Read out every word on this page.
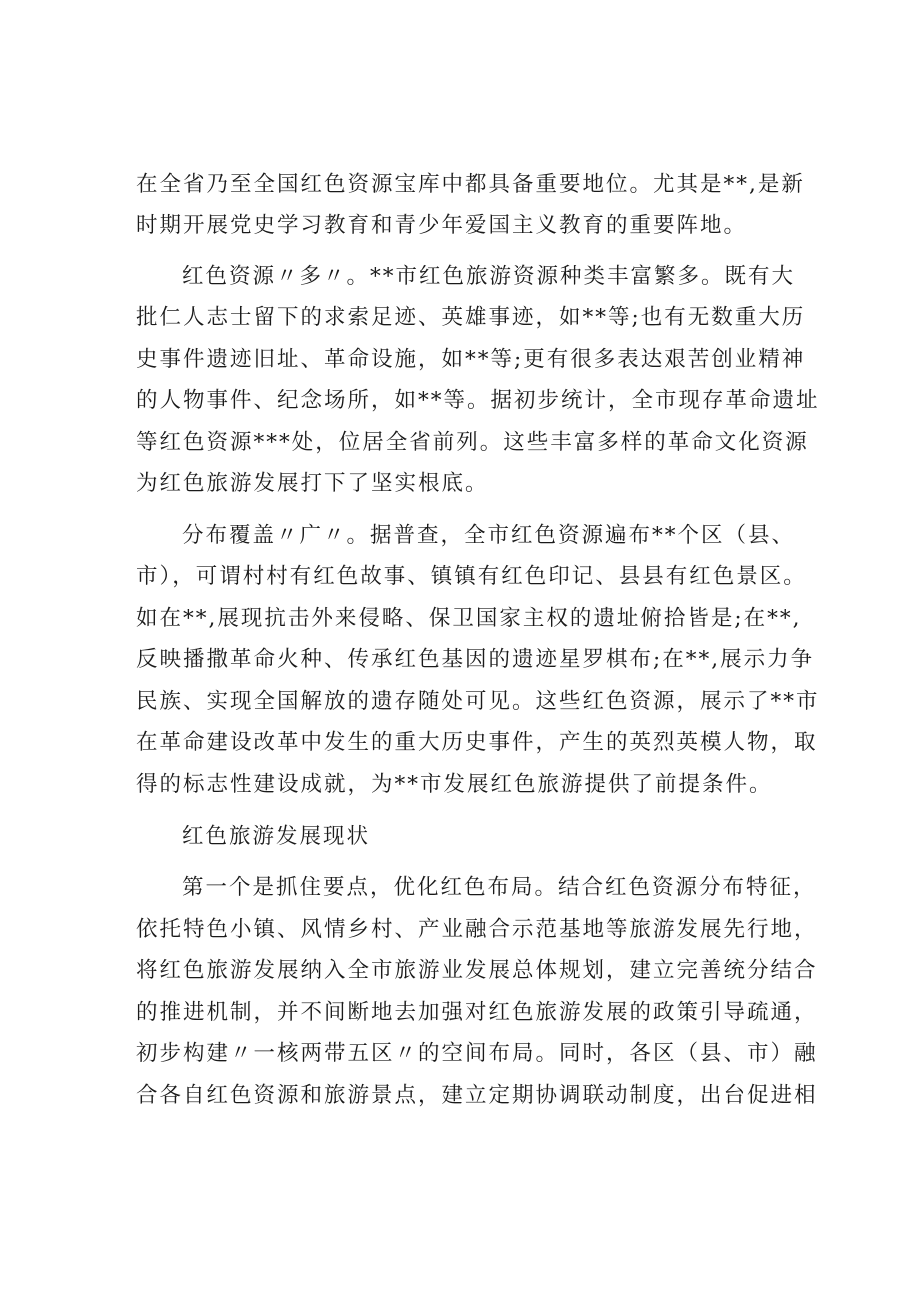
在全省乃至全国红色资源宝库中都具备重要地位。尤其是**,是新
时期开展党史学习教育和青少年爱国主义教育的重要阵地。
红色资源〃多〃。**市红色旅游资源种类丰富繁多。既有大
批仁人志士留下的求索足迹、英雄事迹，如**等;也有无数重大历
史事件遗迹旧址、革命设施，如**等;更有很多表达艰苦创业精神
的人物事件、纪念场所，如**等。据初步统计，全市现存革命遗址
等红色资源***处，位居全省前列。这些丰富多样的革命文化资源
为红色旅游发展打下了坚实根底。
分布覆盖〃广〃。据普查，全市红色资源遍布**个区（县、
市），可谓村村有红色故事、镇镇有红色印记、县县有红色景区。
如在**,展现抗击外来侵略、保卫国家主权的遗址俯拾皆是;在**,
反映播撒革命火种、传承红色基因的遗迹星罗棋布;在**,展示力争
民族、实现全国解放的遗存随处可见。这些红色资源，展示了**市
在革命建设改革中发生的重大历史事件，产生的英烈英模人物，取
得的标志性建设成就，为**市发展红色旅游提供了前提条件。
红色旅游发展现状
第一个是抓住要点，优化红色布局。结合红色资源分布特征，
依托特色小镇、风情乡村、产业融合示范基地等旅游发展先行地，
将红色旅游发展纳入全市旅游业发展总体规划，建立完善统分结合
的推进机制，并不间断地去加强对红色旅游发展的政策引导疏通，
初步构建〃一核两带五区〃的空间布局。同时，各区（县、市）融
合各自红色资源和旅游景点，建立定期协调联动制度，出台促进相
